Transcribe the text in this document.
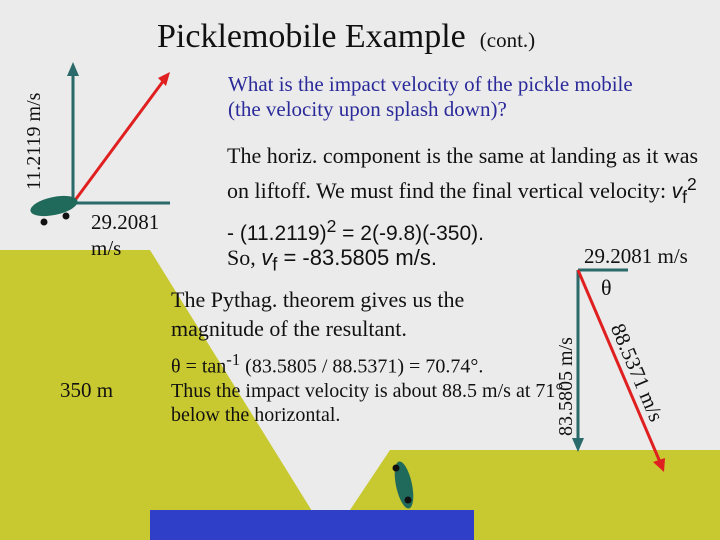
Picklemobile Example (cont.)
11.2119 m/s
What is the impact velocity of the pickle mobile (the velocity upon splash down)?
The horiz. component is the same at landing as it was on liftoff. We must find the final vertical velocity: $v_f^2 - (11.2119)^2 = 2(-9.8)(-350)$.
So, $v_f = -83.5805$ m/s.
The Pythag. theorem gives us the magnitude of the resultant.
$\theta = \tan^{-1} (83.5805 / 88.5371) = 70.74^\circ$.
Thus the impact velocity is about 88.5 m/s at 71° below the horizontal.
350 m
29.2081 m/s	29.2081 m/s
θ
83.5805 m/s 88.5371 m/s
